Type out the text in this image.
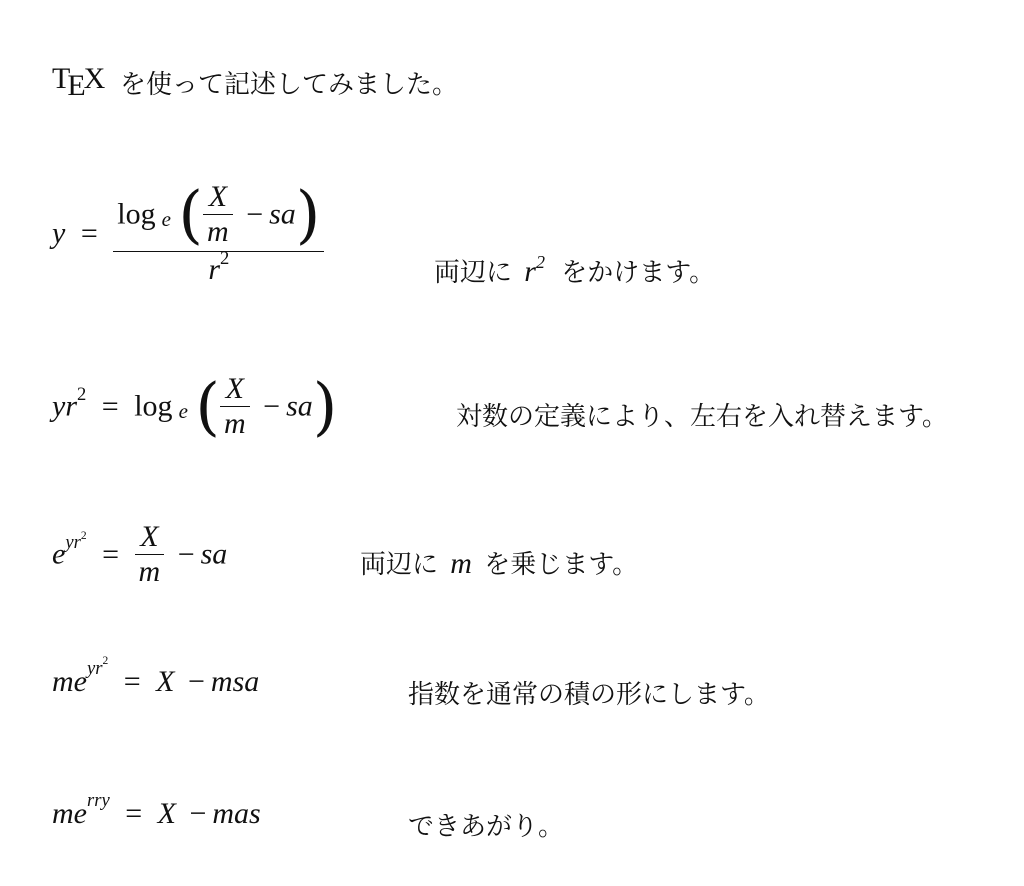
TEX を使って記述してみました。
$y = \frac{\log e ( \frac{X}{m} - sa)}{r^2}$	両辺に $r^2$ をかけます。
$yr^2 = \log e$ ( $\frac{X}{m} - sa$)	対数の定義により、左右を入れ替えます。
$e^{yr^2} = \frac{X}{m}$ − sa	両辺に m を乗じます。
$me^{yr^2} = X$ − msa	指数を通常の積の形にします。
$me^{rry} = X$ − mas	できあがり。
